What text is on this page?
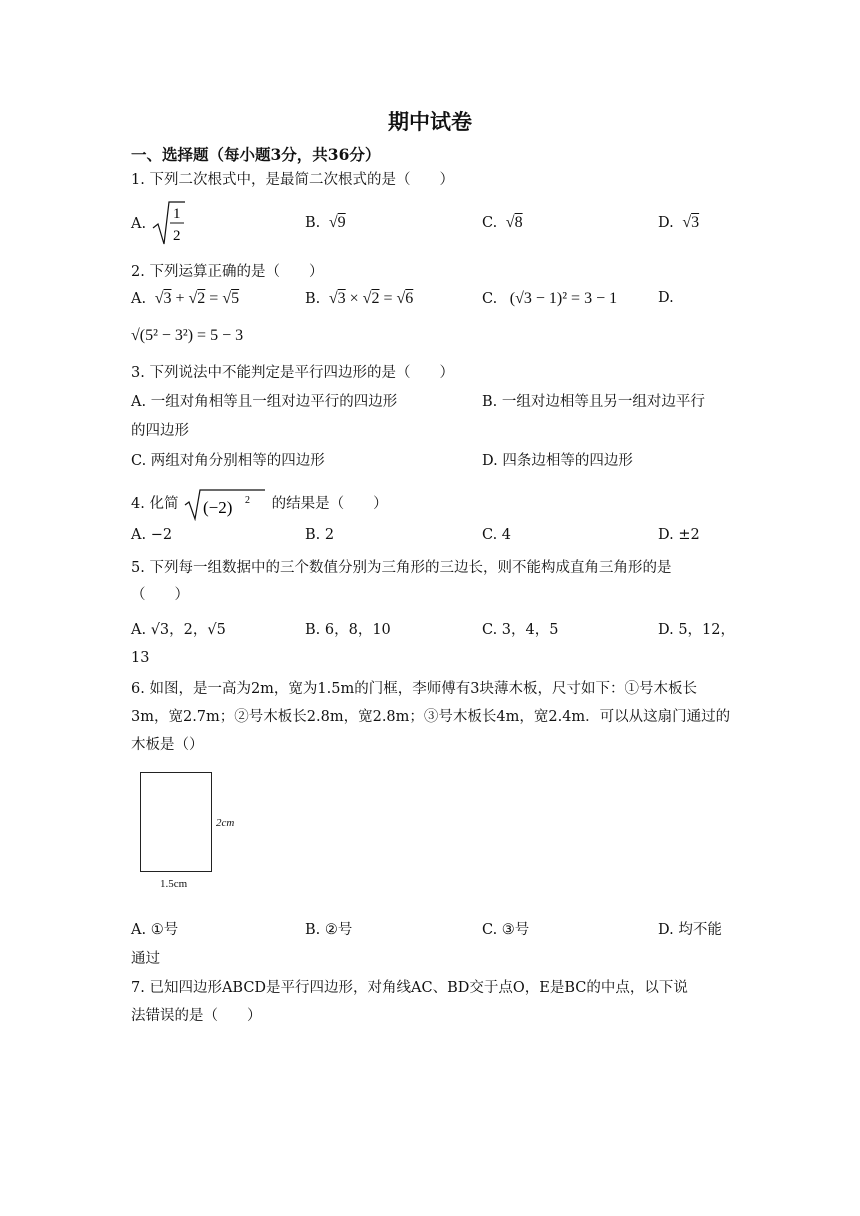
期中试卷
一、选择题（每小题3分，共36分）
1. 下列二次根式中，是最简二次根式的是（　　）
A.
1
2
B.  √9	C.  √8	D.  √3
2. 下列运算正确的是（　　）
A.  √3 + √2 = √5	B.  √3 × √2 = √6	C. (√3 − 1)² = 3 − 1	D.
√(5² − 3²) = 5 − 3
3. 下列说法中不能判定是平行四边形的是（　　）
A. 一组对角相等且一组对边平行的四边形	B. 一组对边相等且另一组对边平行
的四边形
C. 两组对角分别相等的四边形	D. 四条边相等的四边形
4. 化简 (−2) 2 的结果是（　　）
A. −2	B. 2	C. 4	D. ±2
5. 下列每一组数据中的三个数值分别为三角形的三边长，则不能构成直角三角形的是
（　　）
A. √3，2，√5	B. 6，8，10	C. 3，4，5	D. 5，12，
13
6. 如图，是一高为2m，宽为1.5m的门框，李师傅有3块薄木板，尺寸如下：①号木板长
3m，宽2.7m；②号木板长2.8m，宽2.8m；③号木板长4m，宽2.4m．可以从这扇门通过的
木板是（）
2cm
1.5cm
A. ①号	B. ②号	C. ③号	D. 均不能
通过
7. 已知四边形ABCD是平行四边形，对角线AC、BD交于点O，E是BC的中点，以下说
法错误的是（　　）
